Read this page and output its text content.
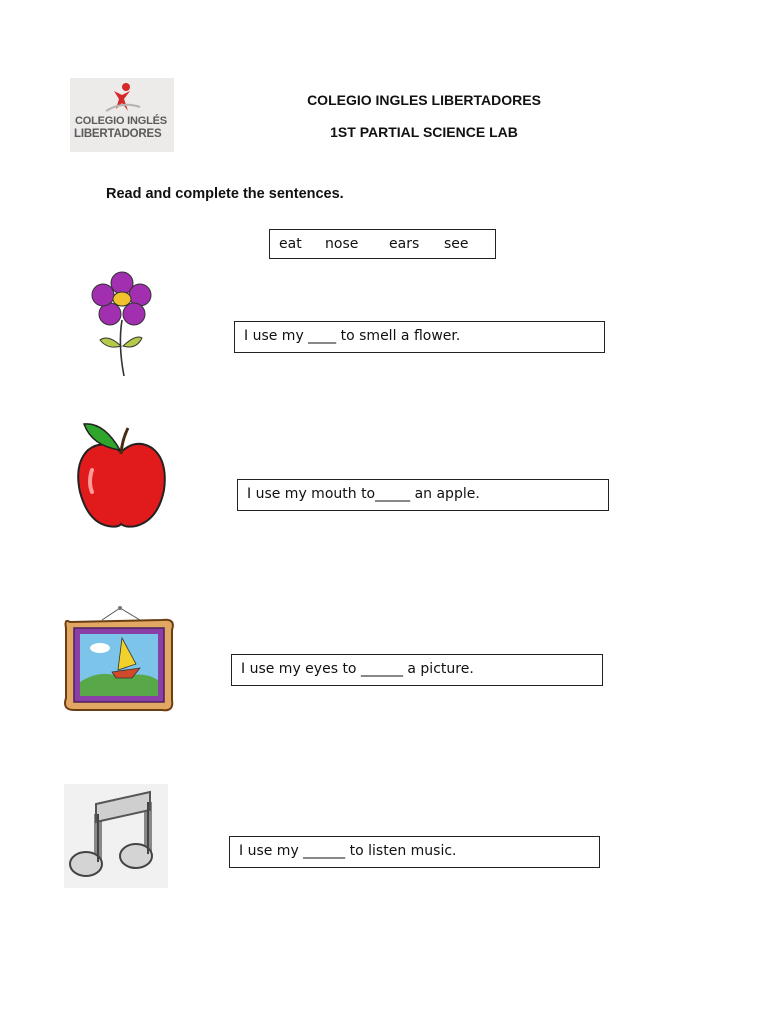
COLEGIO INGLÉS
LIBERTADORES
COLEGIO INGLES LIBERTADORES
1ST PARTIAL SCIENCE LAB
Read and complete the sentences.
eat nose ears see
I use my ____ to smell a flower.
I use my mouth to_____ an apple.
I use my eyes to ______ a picture.
I use my ______ to listen music.
